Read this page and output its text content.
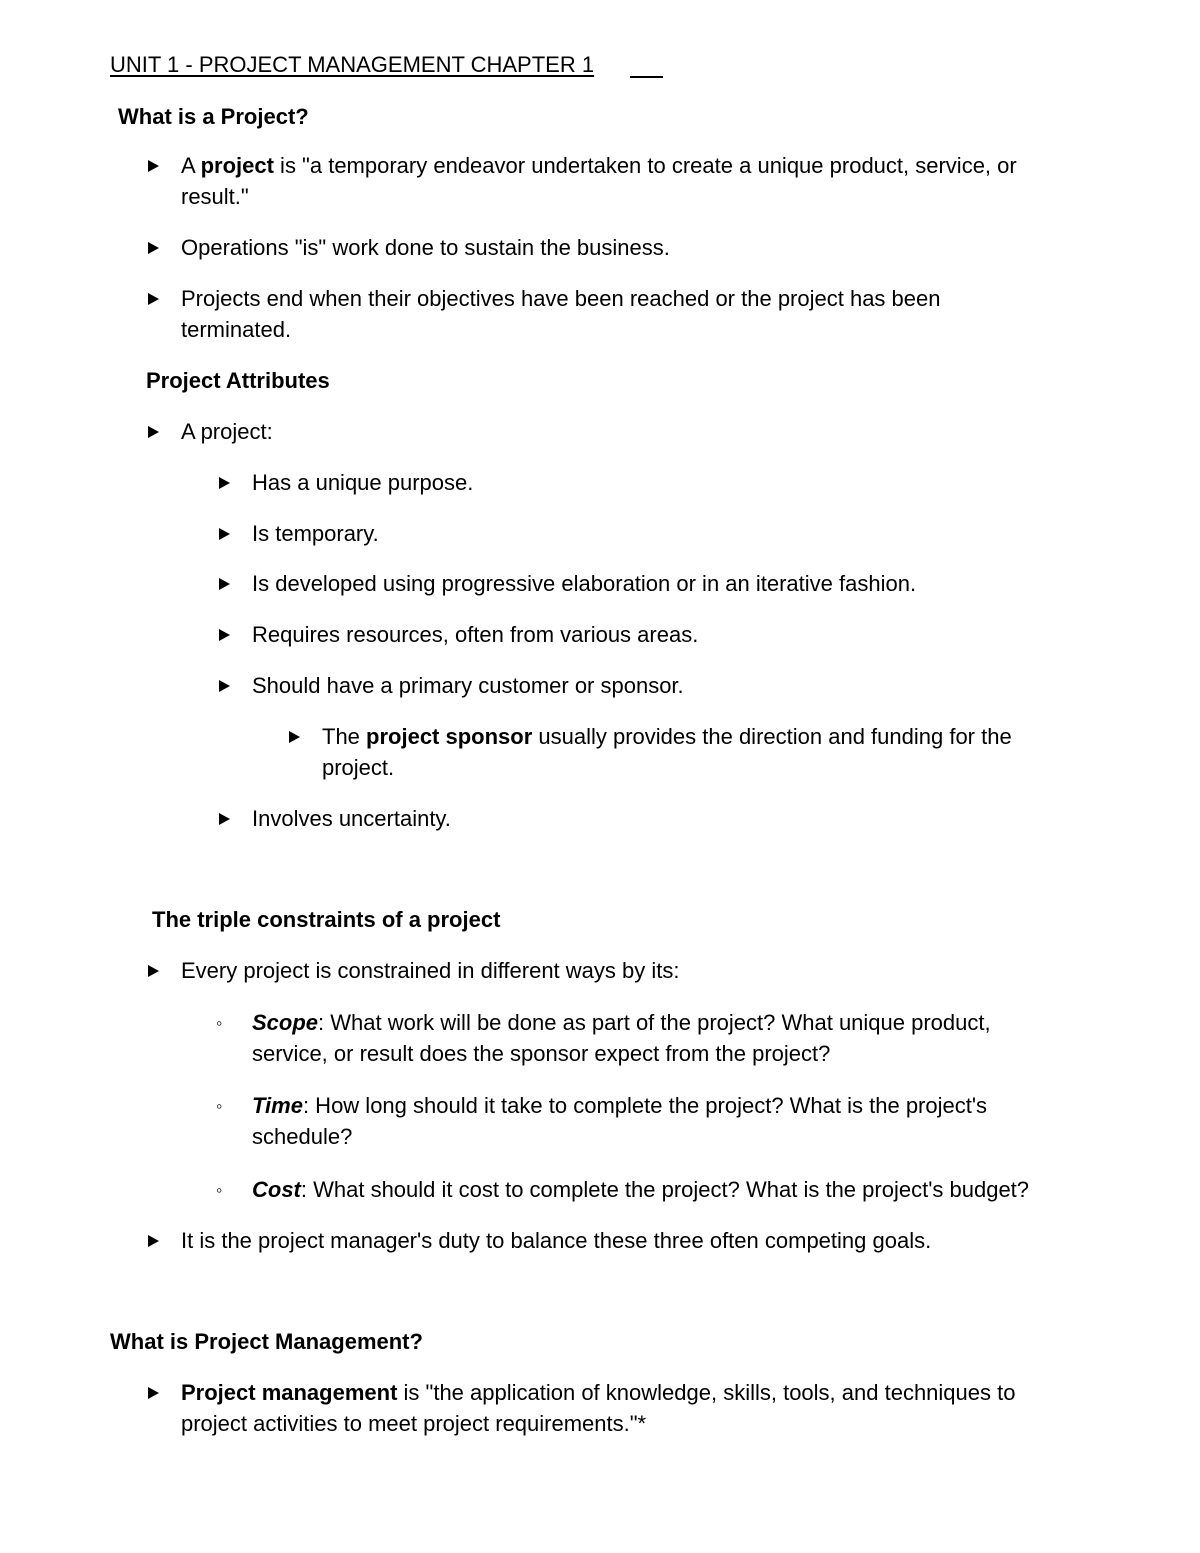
UNIT 1 - PROJECT MANAGEMENT CHAPTER 1
What is a Project?
A project is "a temporary endeavor undertaken to create a unique product, service, or
result."
Operations "is" work done to sustain the business.
Projects end when their objectives have been reached or the project has been
terminated.
Project Attributes
A project:
Has a unique purpose.
Is temporary.
Is developed using progressive elaboration or in an iterative fashion.
Requires resources, often from various areas.
Should have a primary customer or sponsor.
The project sponsor usually provides the direction and funding for the
project.
Involves uncertainty.
The triple constraints of a project
Every project is constrained in different ways by its:
◦ Scope: What work will be done as part of the project? What unique product,
service, or result does the sponsor expect from the project?
◦ Time: How long should it take to complete the project? What is the project's
schedule?
◦ Cost: What should it cost to complete the project? What is the project's budget?
It is the project manager's duty to balance these three often competing goals.
What is Project Management?
Project management is "the application of knowledge, skills, tools, and techniques to
project activities to meet project requirements."*
